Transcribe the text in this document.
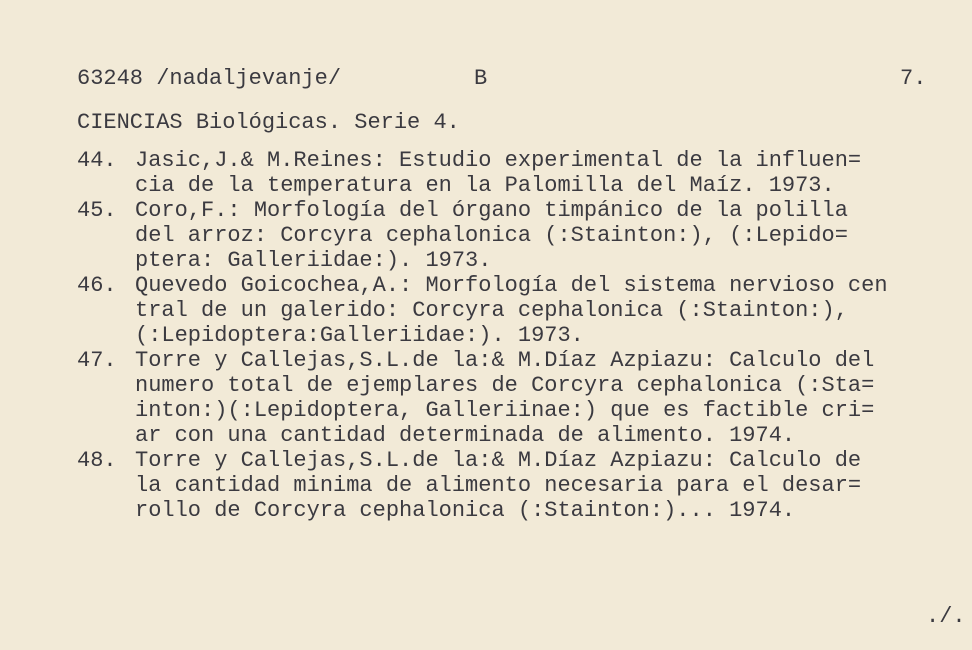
63248 /nadaljevanje/	B	7.
CIENCIAS Biológicas. Serie 4.
44. Jasic,J.& M.Reines: Estudio experimental de la influen=
cia de la temperatura en la Palomilla del Maíz. 1973.
45. Coro,F.: Morfología del órgano timpánico de la polilla
del arroz: Corcyra cephalonica (:Stainton:), (:Lepido=
ptera: Galleriidae:). 1973.
46. Quevedo Goicochea,A.: Morfología del sistema nervioso cen
tral de un galerido: Corcyra cephalonica (:Stainton:),
(:Lepidoptera:Galleriidae:). 1973.
47. Torre y Callejas,S.L.de la:& M.Díaz Azpiazu: Calculo del
numero total de ejemplares de Corcyra cephalonica (:Sta=
inton:)(:Lepidoptera, Galleriinae:) que es factible cri=
ar con una cantidad determinada de alimento. 1974.
48. Torre y Callejas,S.L.de la:& M.Díaz Azpiazu: Calculo de
la cantidad minima de alimento necesaria para el desar=
rollo de Corcyra cephalonica (:Stainton:)... 1974.
./.
